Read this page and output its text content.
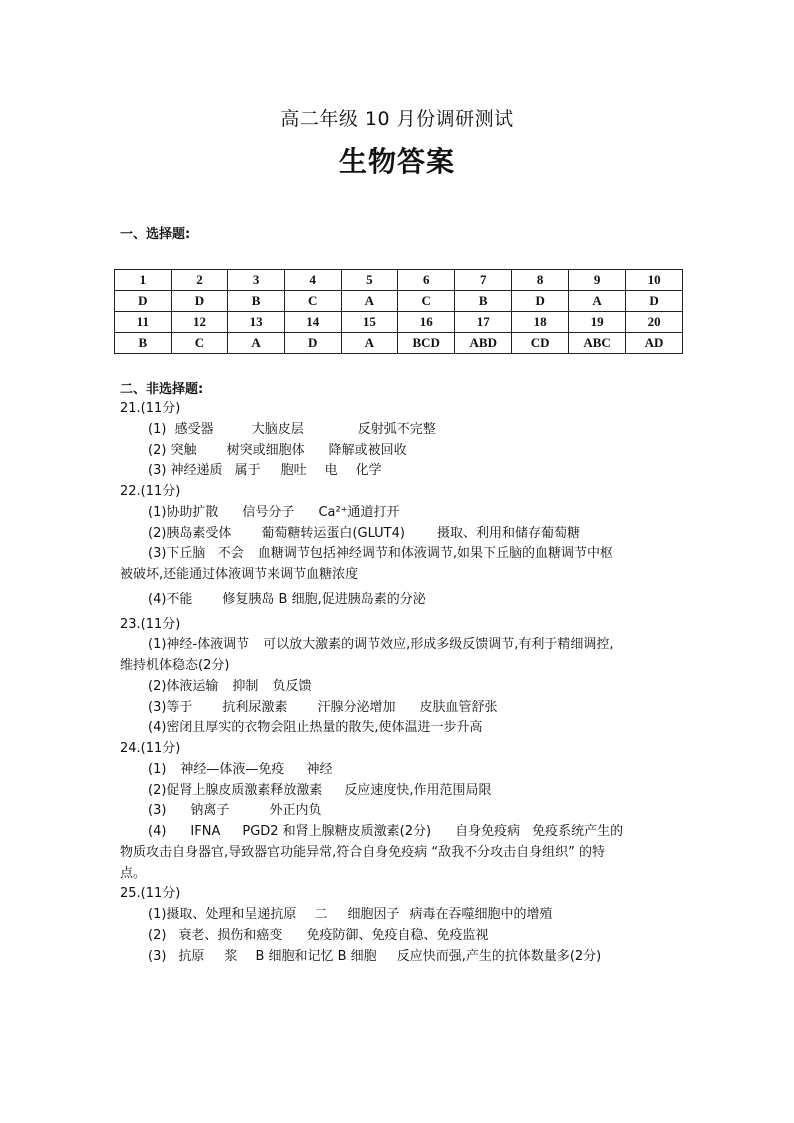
高二年级 10 月份调研测试
生物答案
一、选择题:
1	2	3	4	5	6	7	8	9	10
D	D	B	C	A	C	B	D	A	D
11	12	13	14	15	16	17	18	19	20
B	C	A	D	A	BCD	ABD	CD	ABC	AD
二、非选择题:
21.(11分)
(1)  感受器	大脑皮层	反射弧不完整
(2) 突触 树突或细胞体 降解或被回收
(3) 神经递质 属于 胞吐 电 化学
22.(11分)
(1)协助扩散 信号分子 Ca²⁺通道打开
(2)胰岛素受体 葡萄糖转运蛋白(GLUT4) 摄取、利用和储存葡萄糖
(3)下丘脑   不会 血糖调节包括神经调节和体液调节,如果下丘脑的血糖调节中枢
被破坏,还能通过体液调节来调节血糖浓度
(4)不能 修复胰岛 B 细胞,促进胰岛素的分泌
23.(11分)
(1)神经-体液调节 可以放大激素的调节效应,形成多级反馈调节,有利于精细调控,
维持机体稳态(2分)
(2)体液运输 抑制 负反馈
(3)等于 抗利尿激素 汗腺分泌增加 皮肤血管舒张
(4)密闭且厚实的衣物会阻止热量的散失,使体温进一步升高
24.(11分)
(1) 神经—体液—免疫 神经
(2)促肾上腺皮质激素释放激素 反应速度快,作用范围局限
(3) 钠离子	外正内负
(4) IFNA PGD2 和肾上腺糖皮质激素(2分) 自身免疫病 免疫系统产生的
物质攻击自身器官,导致器官功能异常,符合自身免疫病 “敌我不分攻击自身组织” 的特
点。
25.(11分)
(1)摄取、处理和呈递抗原 二 细胞因子 病毒在吞噬细胞中的增殖
(2) 衰老、损伤和癌变 免疫防御、免疫自稳、免疫监视
(3) 抗原 浆 B 细胞和记忆 B 细胞 反应快而强,产生的抗体数量多(2分)
